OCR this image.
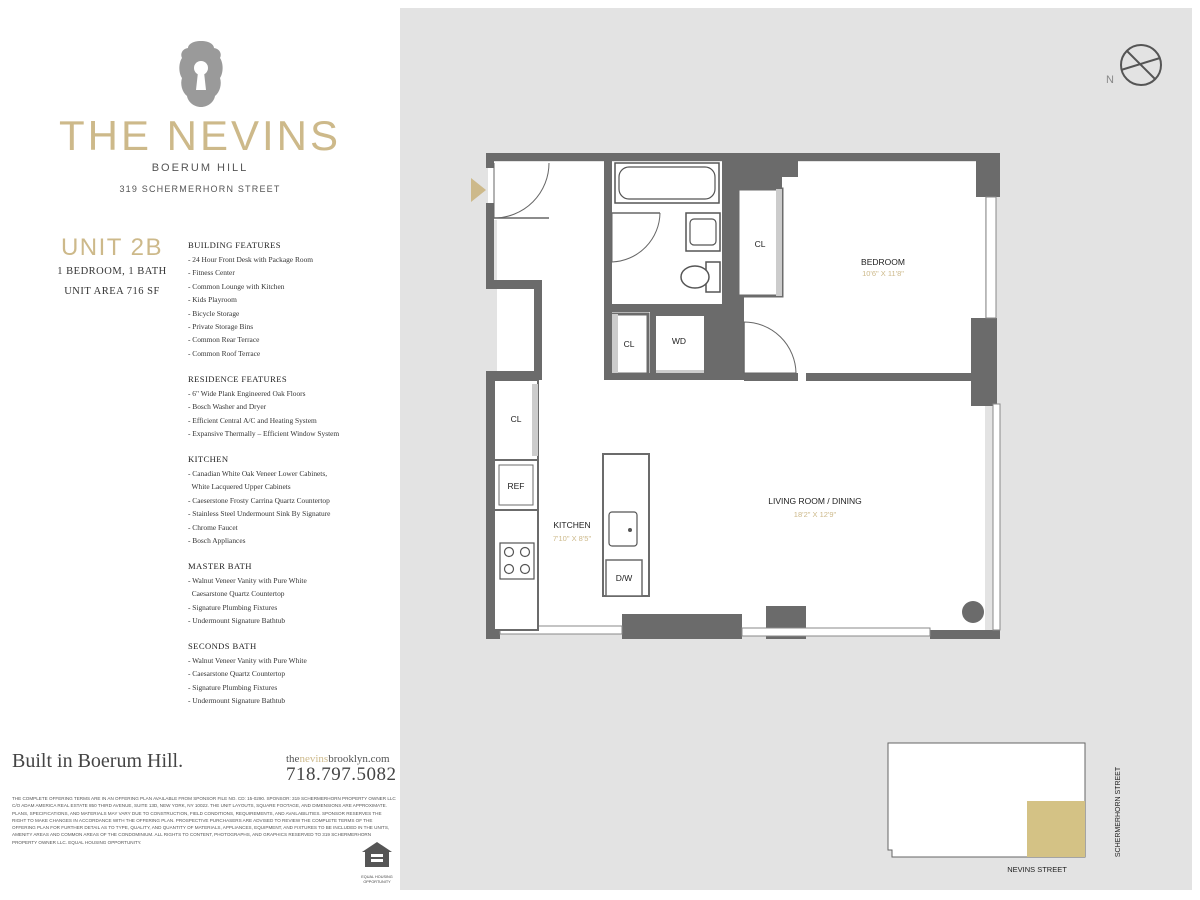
THE NEVINS
BOERUM HILL
319 SCHERMERHORN STREET
UNIT 2B
1 BEDROOM, 1 BATH
UNIT AREA 716 SF
BUILDING FEATURES
- 24 Hour Front Desk with Package Room
- Fitness Center
- Common Lounge with Kitchen
- Kids Playroom
- Bicycle Storage
- Private Storage Bins
- Common Rear Terrace
- Common Roof Terrace
RESIDENCE FEATURES
- 6" Wide Plank Engineered Oak Floors
- Bosch Washer and Dryer
- Efficient Central A/C and Heating System
- Expansive Thermally – Efficient Window System
KITCHEN
- Canadian White Oak Veneer Lower Cabinets,
White Lacquered Upper Cabinets
- Caeserstone Frosty Carrina Quartz Countertop
- Stainless Steel Undermount Sink By Signature
- Chrome Faucet
- Bosch Appliances
MASTER BATH
- Walnut Veneer Vanity with Pure White
Caesarstone Quartz Countertop
- Signature Plumbing Fixtures
- Undermount Signature Bathtub
SECONDS BATH
- Walnut Veneer Vanity with Pure White
- Caesarstone Quartz Countertop
- Signature Plumbing Fixtures
- Undermount Signature Bathtub
Built in Boerum Hill.	thenevinsbrooklyn.com
718.797.5082
THE COMPLETE OFFERING TERMS ARE IN AN OFFERING PLAN AVAILABLE FROM SPONSOR FILE NO. CD: 15-0290. SPONSOR: 319 SCHERMERHORN PROPERTY OWNER LLC C/O ADAM AMERICA REAL ESTATE 850 THIRD AVENUE, SUITE 13D, NEW YORK, NY 10022. THE UNIT LAYOUTS, SQUARE FOOTAGE, AND DIMENSIONS ARE APPROXIMATE. PLANS, SPECIFICATIONS, AND MATERIALS MAY VARY DUE TO CONSTRUCTION, FIELD CONDITIONS, REQUIREMENTS, AND AVAILABILITIES. SPONSOR RESERVES THE RIGHT TO MAKE CHANGES IN ACCORDANCE WITH THE OFFERING PLAN. PROSPECTIVE PURCHASERS ARE ADVISED TO REVIEW THE COMPLETE TERMS OF THE OFFERING PLAN FOR FURTHER DETAIL AS TO TYPE, QUALITY, AND QUANTITY OF MATERIALS, APPLIANCES, EQUIPMENT, AND FIXTURES TO BE INCLUDED IN THE UNITS, AMENITY AREAS AND COMMON AREAS OF THE CONDOMINIUM. ALL RIGHTS TO CONTENT, PHOTOGRAPHS, AND GRAPHICS RESERVED TO 319 SCHERMERHORN PROPERTY OWNER LLC. EQUAL HOUSING OPPORTUNITY.
EQUAL HOUSING OPPORTUNITY
N
BEDROOM
10'6" X 11'8"
LIVING ROOM / DINING
18'2" X 12'9"
KITCHEN
7'10" X 8'5"
CL
CL	WD
CL
REF
D/W
NEVINS STREET
SCHERMERHORN STREET
